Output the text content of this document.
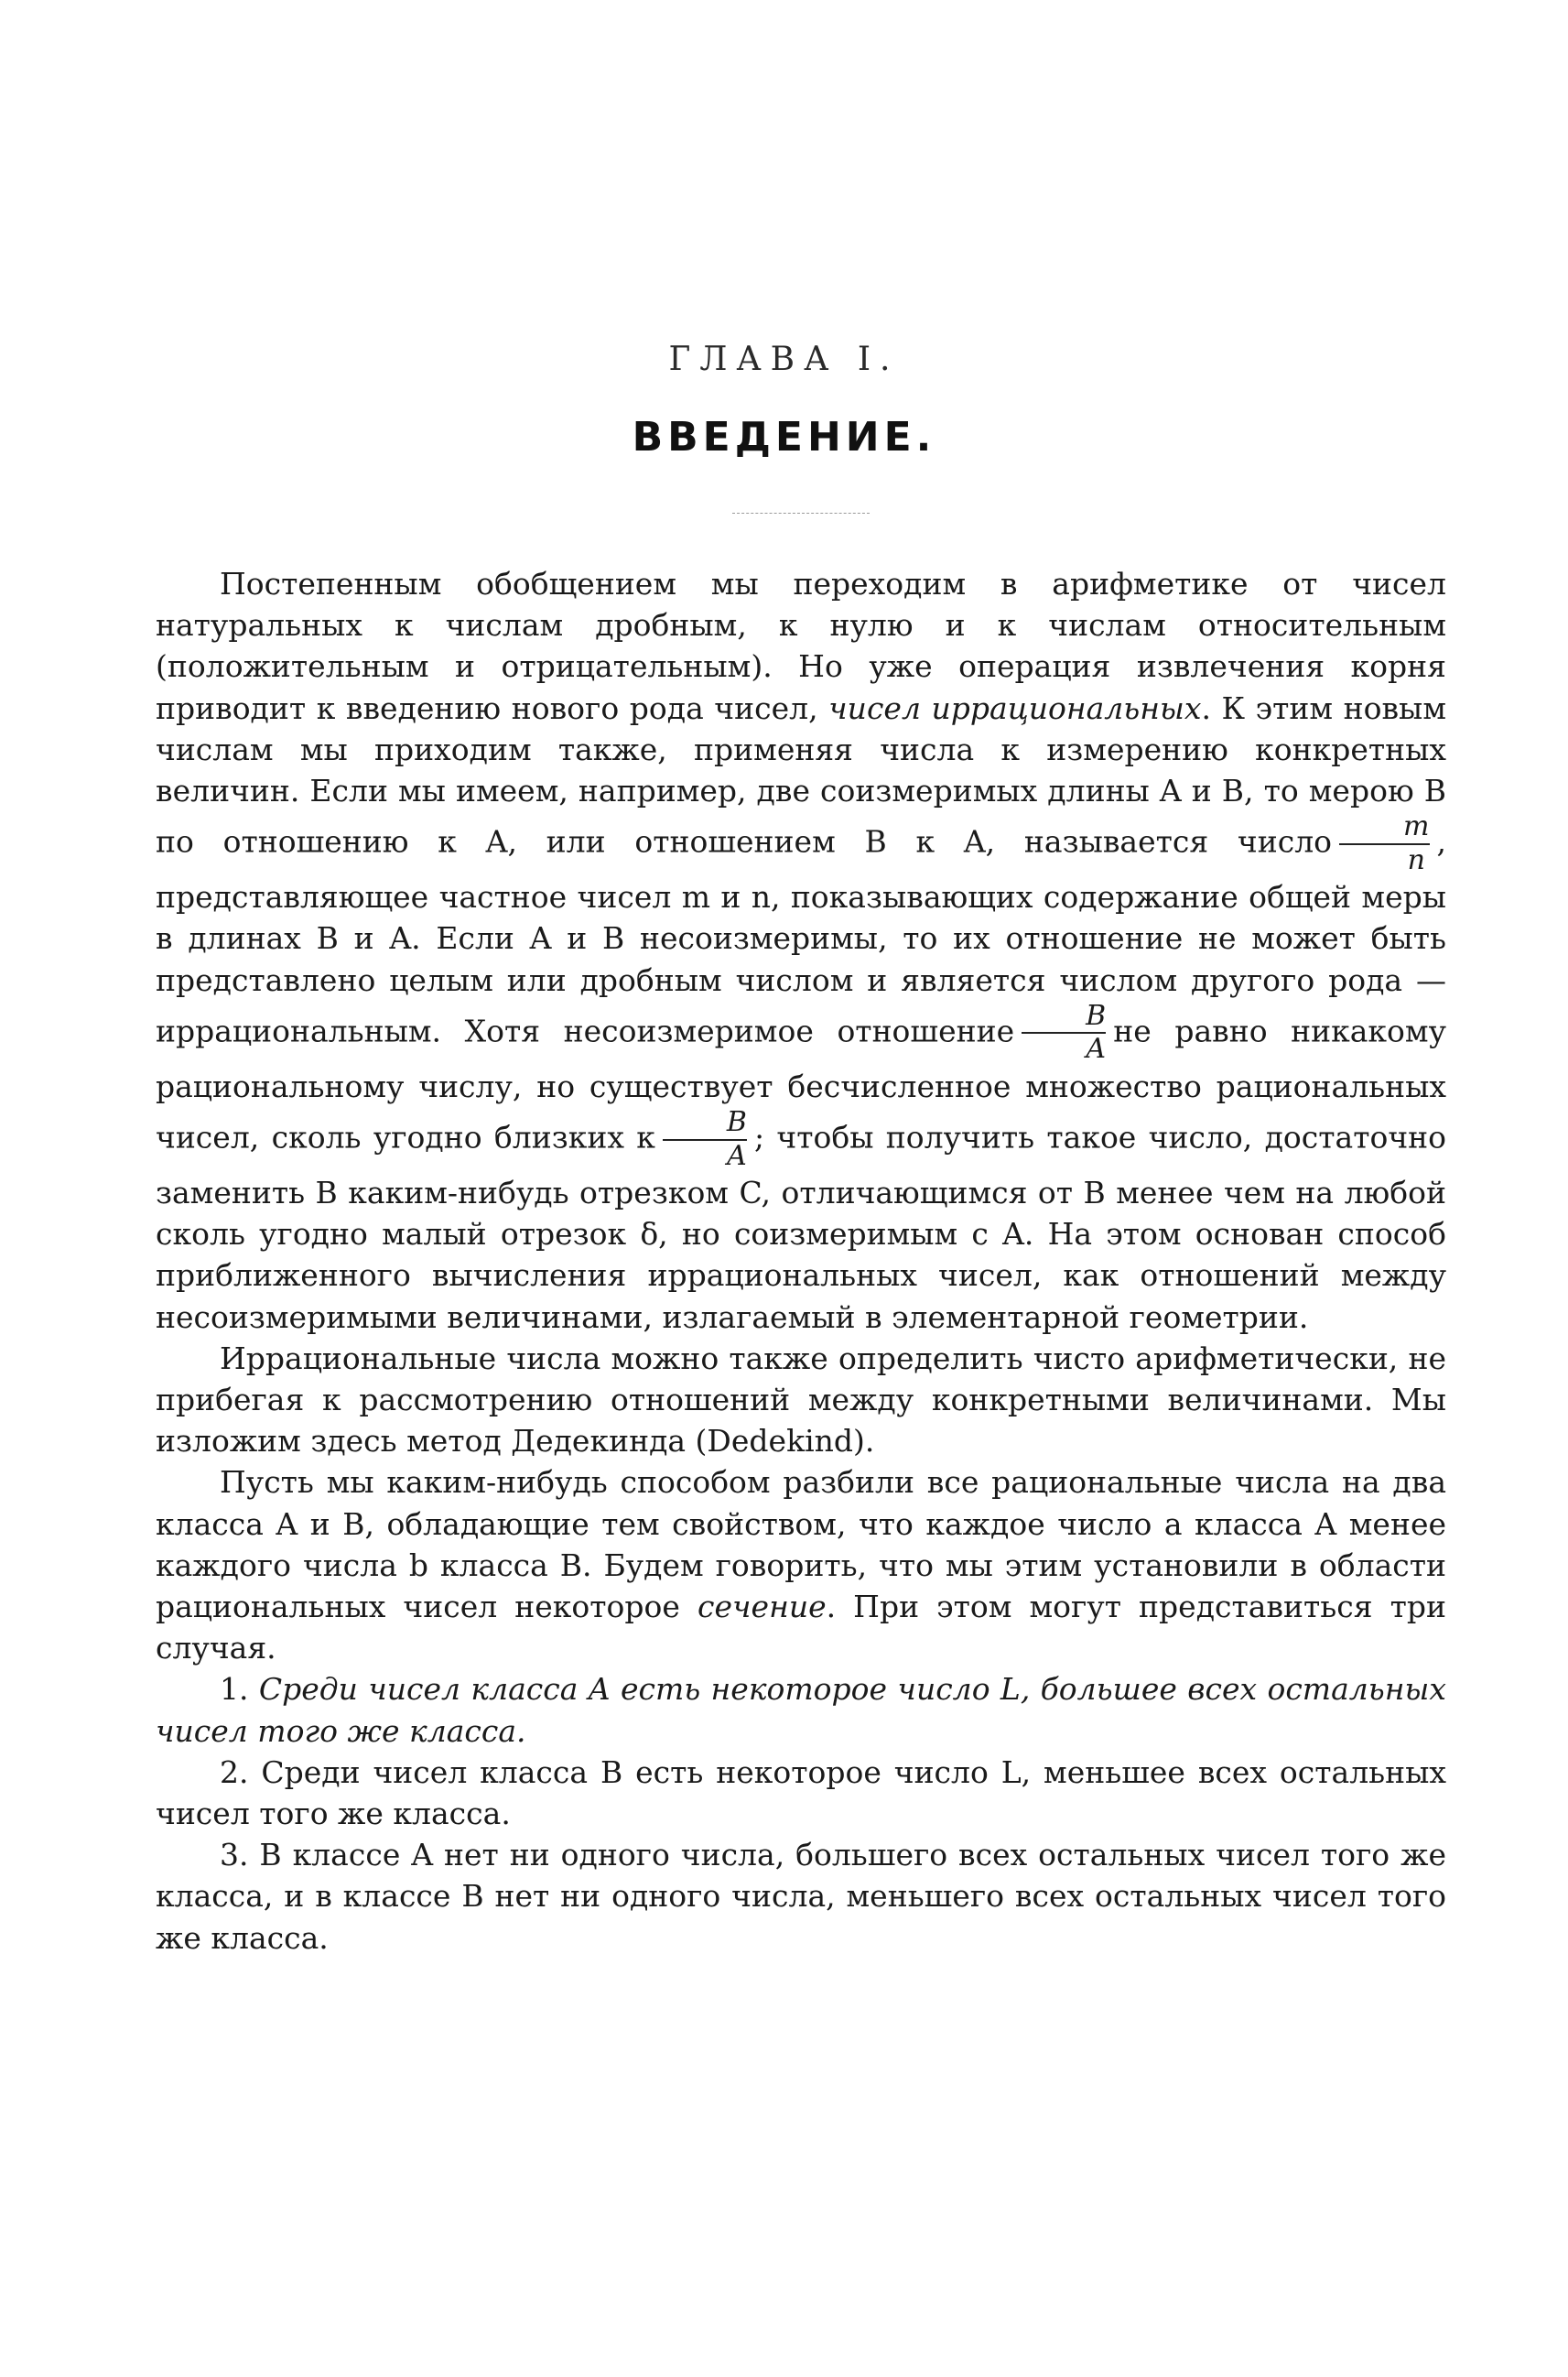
ГЛАВА I.
ВВЕДЕНИЕ.

Постепенным обобщением мы переходим в арифметике от чисел натуральных к числам дробным, к нулю и к числам относительным (положительным и отрицательным). Но уже операция извлечения корня приводит к введению нового рода чисел, чисел иррациональных. К этим новым числам мы приходим также, применяя числа к измерению конкретных величин. Если мы имеем, например, две соизмеримых длины A и B, то мерою B по отношению к A, или отношением B к A, называется число $\frac{m}{n}$ , представляющее частное чисел m и n, показывающих содержание общей меры в длинах B и A. Если A и B несоизмеримы, то их отношение не может быть представлено целым или дробным числом и является числом другого рода — иррациональным. Хотя несоизмеримое отношение $\frac{B}{A}$ не равно никакому рациональному числу, но существует бесчисленное множество рациональных чисел, сколь угодно близких к $\frac{B}{A}$ ; чтобы получить такое число, достаточно заменить B каким-нибудь отрезком C, отличающимся от B менее чем на любой сколь угодно малый отрезок δ, но соизмеримым с A. На этом основан способ приближенного вычисления иррациональных чисел, как отношений между несоизмеримыми величинами, излагаемый в элементарной геометрии.

Иррациональные числа можно также определить чисто арифметически, не прибегая к рассмотрению отношений между конкретными величинами. Мы изложим здесь метод Дедекинда (Dedekind).

Пусть мы каким-нибудь способом разбили все рациональные числа на два класса A и B, обладающие тем свойством, что каждое число a класса A менее каждого числа b класса B. Будем говорить, что мы этим установили в области рациональных чисел некоторое сечение. При этом могут представиться три случая.

1. Среди чисел класса A есть некоторое число L, большее всех остальных чисел того же класса.

2. Среди чисел класса B есть некоторое число L, меньшее всех остальных чисел того же класса.

3. В классе A нет ни одного числа, большего всех остальных чисел того же класса, и в классе B нет ни одного числа, меньшего всех остальных чисел того же класса.
